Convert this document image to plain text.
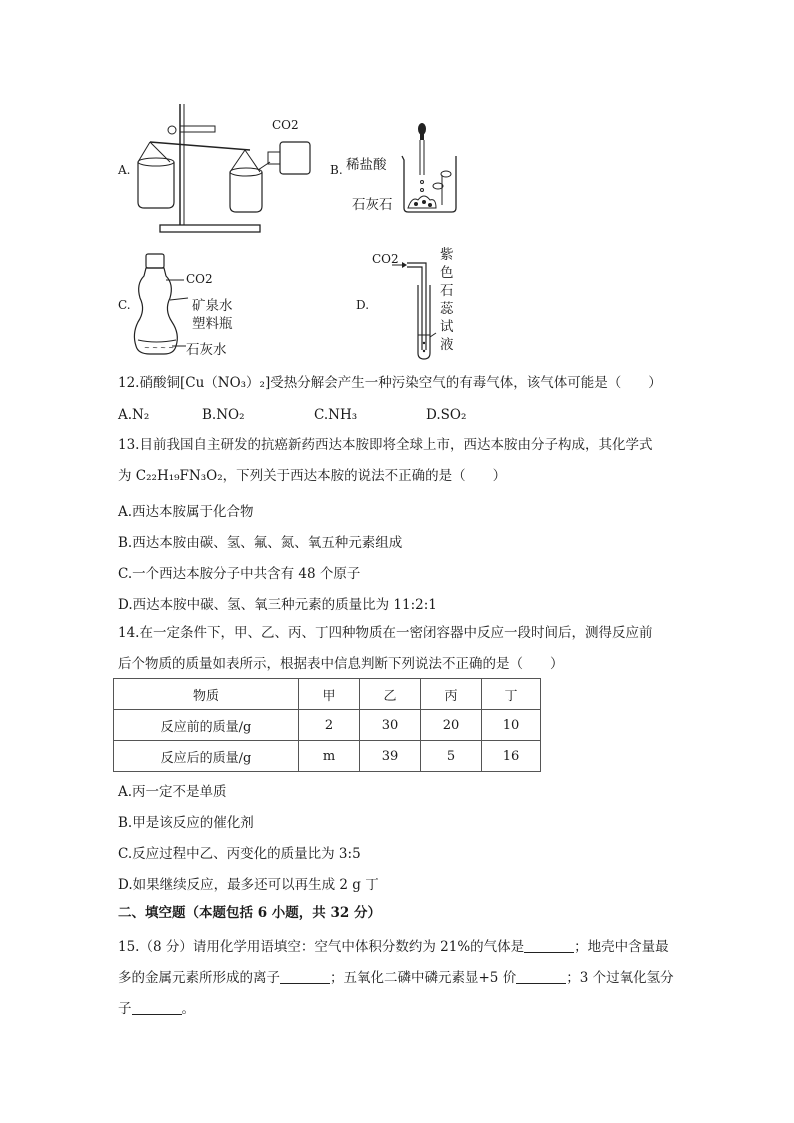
A.
CO2
B. 稀盐酸
石灰石
C.
~ ~ ~ ~
CO2
矿泉水
塑料瓶
石灰水
D.
CO2	紫
色
石
蕊
试
液
12.硝酸铜[Cu（NO₃）₂]受热分解会产生一种污染空气的有毒气体，该气体可能是（　　）
A.N₂	B.NO₂	C.NH₃	D.SO₂
13.目前我国自主研发的抗癌新药西达本胺即将全球上市，西达本胺由分子构成，其化学式
为 C₂₂H₁₉FN₃O₂，下列关于西达本胺的说法不正确的是（　　）
A.西达本胺属于化合物
B.西达本胺由碳、氢、氟、氮、氧五种元素组成
C.一个西达本胺分子中共含有 48 个原子
D.西达本胺中碳、氢、氧三种元素的质量比为 11:2:1
14.在一定条件下，甲、乙、丙、丁四种物质在一密闭容器中反应一段时间后，测得反应前
后个物质的质量如表所示，根据表中信息判断下列说法不正确的是（　　）
物质	甲	乙	丙	丁
反应前的质量/g	2	30	20	10
反应后的质量/g	m	39	5	16
A.丙一定不是单质
B.甲是该反应的催化剂
C.反应过程中乙、丙变化的质量比为 3:5
D.如果继续反应，最多还可以再生成 2 g 丁
二、填空题（本题包括 6 小题，共 32 分）
15.（8 分）请用化学用语填空：空气中体积分数约为 21%的气体是	；地壳中含量最
多的金属元素所形成的离子	；五氧化二磷中磷元素显+5 价	；3 个过氧化氢分
子	。
